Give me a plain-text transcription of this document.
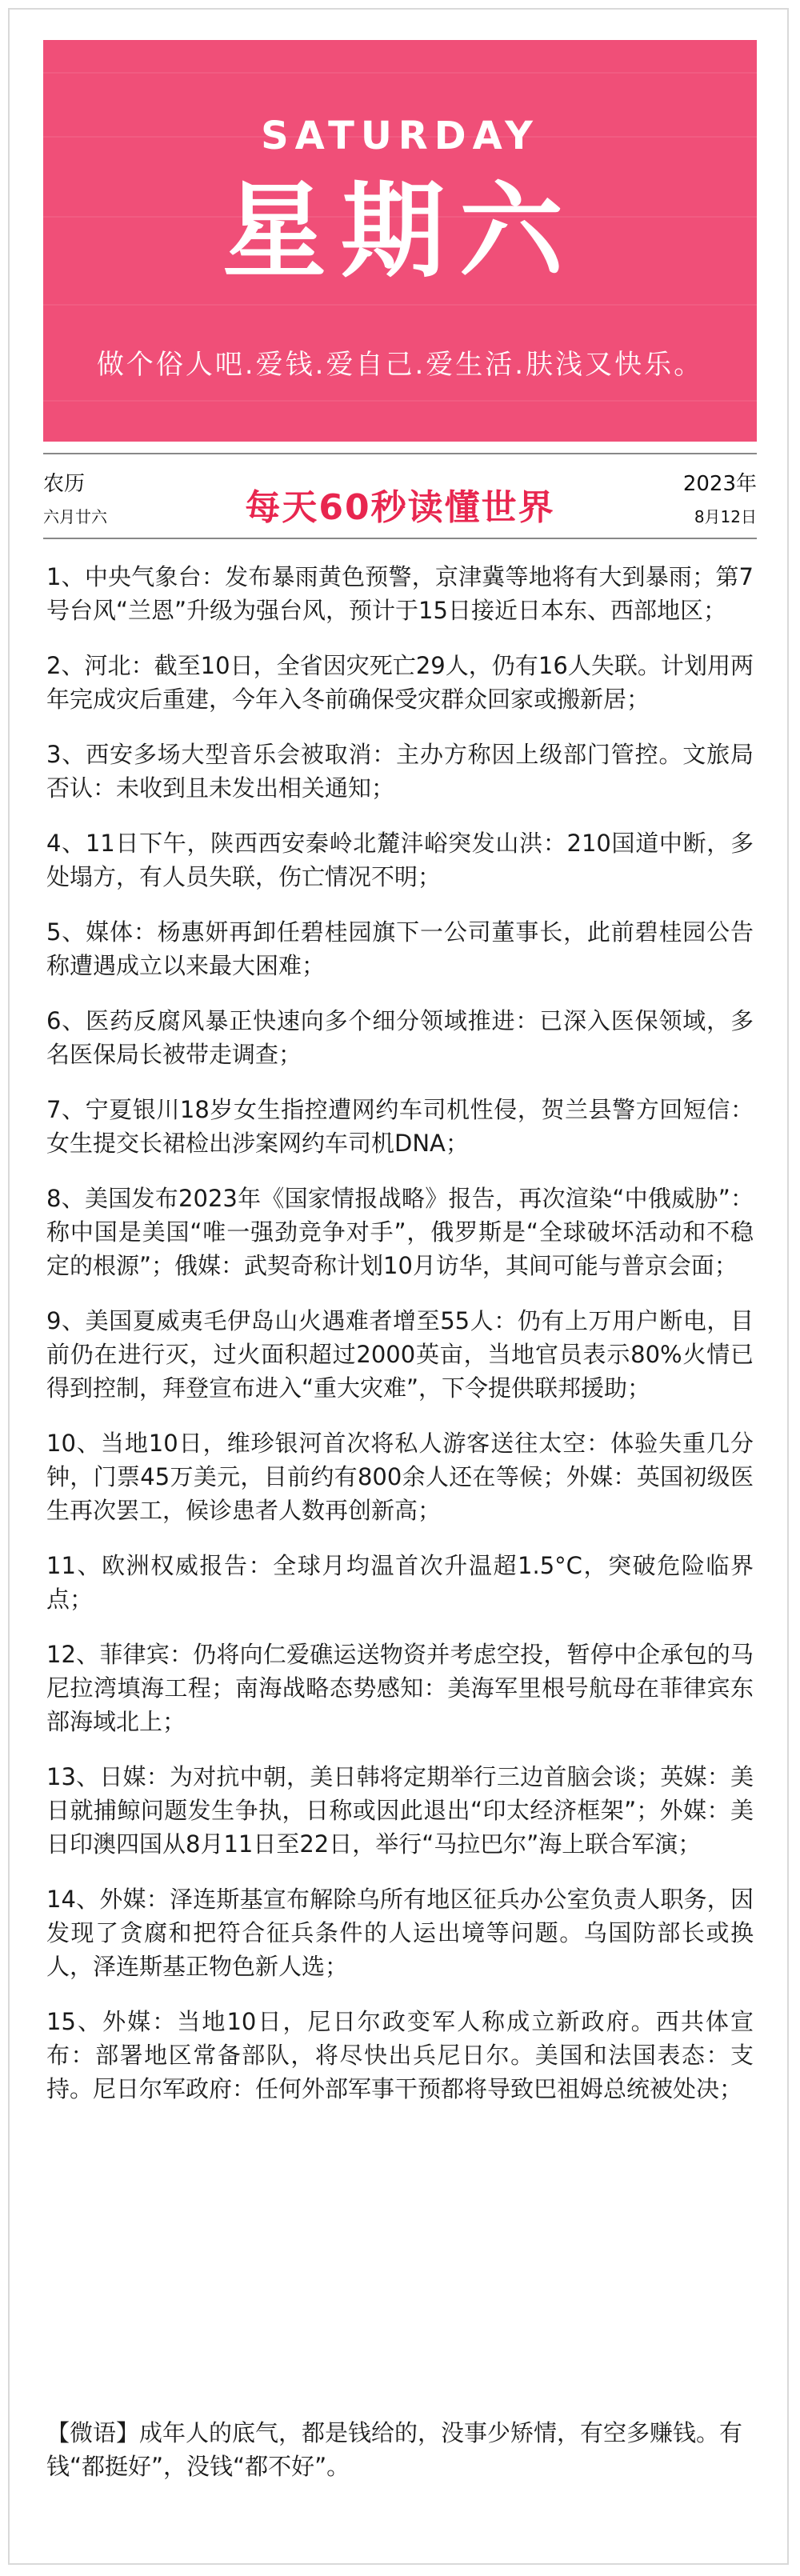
SATURDAY
星期六
做个俗人吧.爱钱.爱自己.爱生活.肤浅又快乐。
农历
六月廿六	每天60秒读懂世界
2023年
8月12日
1、中央气象台：发布暴雨黄色预警，京津冀等地将有大到暴雨；第7号台风“兰恩”升级为强台风，预计于15日接近日本东、西部地区；
2、河北：截至10日，全省因灾死亡29人，仍有16人失联。计划用两年完成灾后重建，今年入冬前确保受灾群众回家或搬新居；
3、西安多场大型音乐会被取消：主办方称因上级部门管控。文旅局否认：未收到且未发出相关通知；
4、11日下午，陕西西安秦岭北麓沣峪突发山洪：210国道中断，多处塌方，有人员失联，伤亡情况不明；
5、媒体：杨惠妍再卸任碧桂园旗下一公司董事长，此前碧桂园公告称遭遇成立以来最大困难；
6、医药反腐风暴正快速向多个细分领域推进：已深入医保领域，多名医保局长被带走调查；
7、宁夏银川18岁女生指控遭网约车司机性侵，贺兰县警方回短信：女生提交长裙检出涉案网约车司机DNA；
8、美国发布2023年《国家情报战略》报告，再次渲染“中俄威胁”：称中国是美国“唯一强劲竞争对手”，俄罗斯是“全球破坏活动和不稳定的根源”；俄媒：武契奇称计划10月访华，其间可能与普京会面；
9、美国夏威夷毛伊岛山火遇难者增至55人：仍有上万用户断电，目前仍在进行灭，过火面积超过2000英亩，当地官员表示80%火情已得到控制，拜登宣布进入“重大灾难”，下令提供联邦援助；
10、当地10日，维珍银河首次将私人游客送往太空：体验失重几分钟，门票45万美元，目前约有800余人还在等候；外媒：英国初级医生再次罢工，候诊患者人数再创新高；
11、欧洲权威报告：全球月均温首次升温超1.5°C，突破危险临界点；
12、菲律宾：仍将向仁爱礁运送物资并考虑空投，暂停中企承包的马尼拉湾填海工程；南海战略态势感知：美海军里根号航母在菲律宾东部海域北上；
13、日媒：为对抗中朝，美日韩将定期举行三边首脑会谈；英媒：美日就捕鲸问题发生争执，日称或因此退出“印太经济框架”；外媒：美日印澳四国从8月11日至22日，举行“马拉巴尔”海上联合军演；
14、外媒：泽连斯基宣布解除乌所有地区征兵办公室负责人职务，因发现了贪腐和把符合征兵条件的人运出境等问题。乌国防部长或换人，泽连斯基正物色新人选；
15、外媒：当地10日，尼日尔政变军人称成立新政府。西共体宣布：部署地区常备部队，将尽快出兵尼日尔。美国和法国表态：支持。尼日尔军政府：任何外部军事干预都将导致巴祖姆总统被处决；
【微语】成年人的底气，都是钱给的，没事少矫情，有空多赚钱。有钱“都挺好”，没钱“都不好”。
